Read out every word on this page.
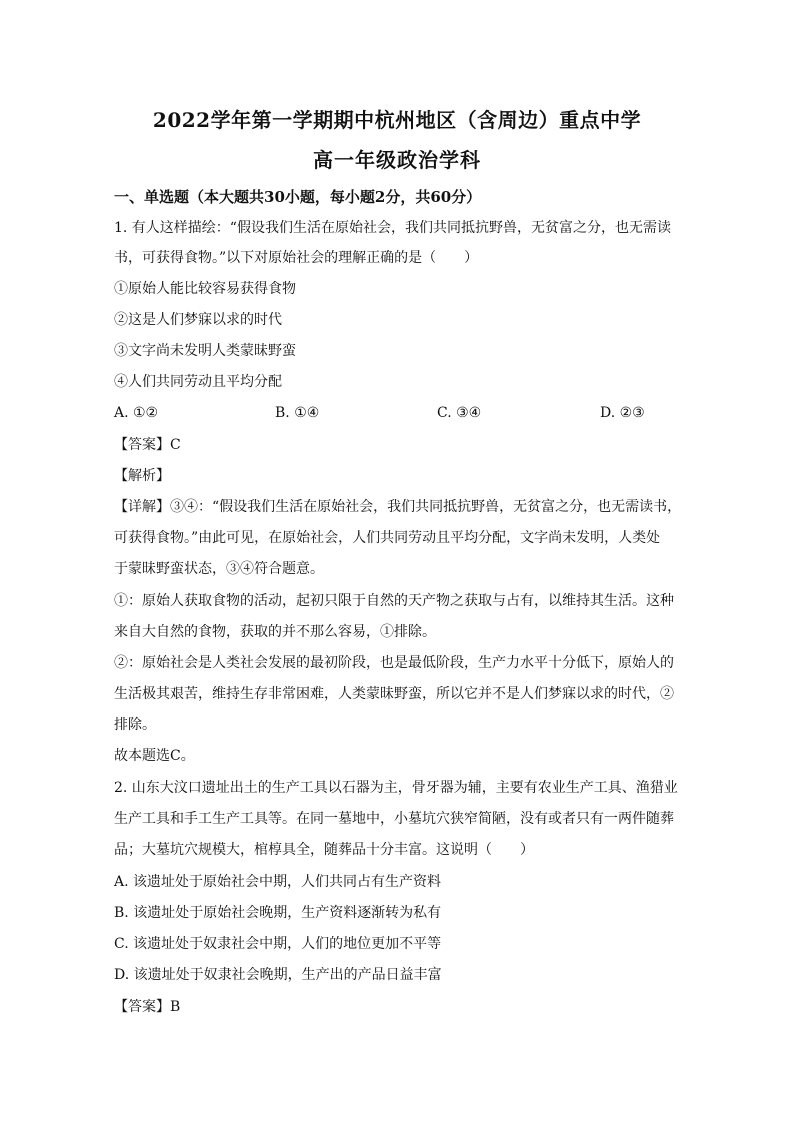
2022学年第一学期期中杭州地区（含周边）重点中学
高一年级政治学科
一、单选题（本大题共30小题，每小题2分，共60分）
1. 有人这样描绘：“假设我们生活在原始社会，我们共同抵抗野兽，无贫富之分，也无需读
书，可获得食物。”以下对原始社会的理解正确的是（　　）
①原始人能比较容易获得食物
②这是人们梦寐以求的时代
③文字尚未发明人类蒙昧野蛮
④人们共同劳动且平均分配
A. ①②	B. ①④	C. ③④	D. ②③
【答案】C
【解析】
【详解】③④：“假设我们生活在原始社会，我们共同抵抗野兽，无贫富之分，也无需读书，
可获得食物。”由此可见，在原始社会，人们共同劳动且平均分配，文字尚未发明，人类处
于蒙昧野蛮状态，③④符合题意。
①：原始人获取食物的活动，起初只限于自然的天产物之获取与占有，以维持其生活。这种
来自大自然的食物，获取的并不那么容易，①排除。
②：原始社会是人类社会发展的最初阶段，也是最低阶段，生产力水平十分低下，原始人的
生活极其艰苦，维持生存非常困难，人类蒙昧野蛮，所以它并不是人们梦寐以求的时代，②
排除。
故本题选C。
2. 山东大汶口遗址出土的生产工具以石器为主，骨牙器为辅，主要有农业生产工具、渔猎业
生产工具和手工生产工具等。在同一墓地中，小墓坑穴狭窄简陋，没有或者只有一两件随葬
品；大墓坑穴规模大，棺椁具全，随葬品十分丰富。这说明（　　）
A. 该遗址处于原始社会中期，人们共同占有生产资料
B. 该遗址处于原始社会晚期，生产资料逐渐转为私有
C. 该遗址处于奴隶社会中期，人们的地位更加不平等
D. 该遗址处于奴隶社会晚期，生产出的产品日益丰富
【答案】B
